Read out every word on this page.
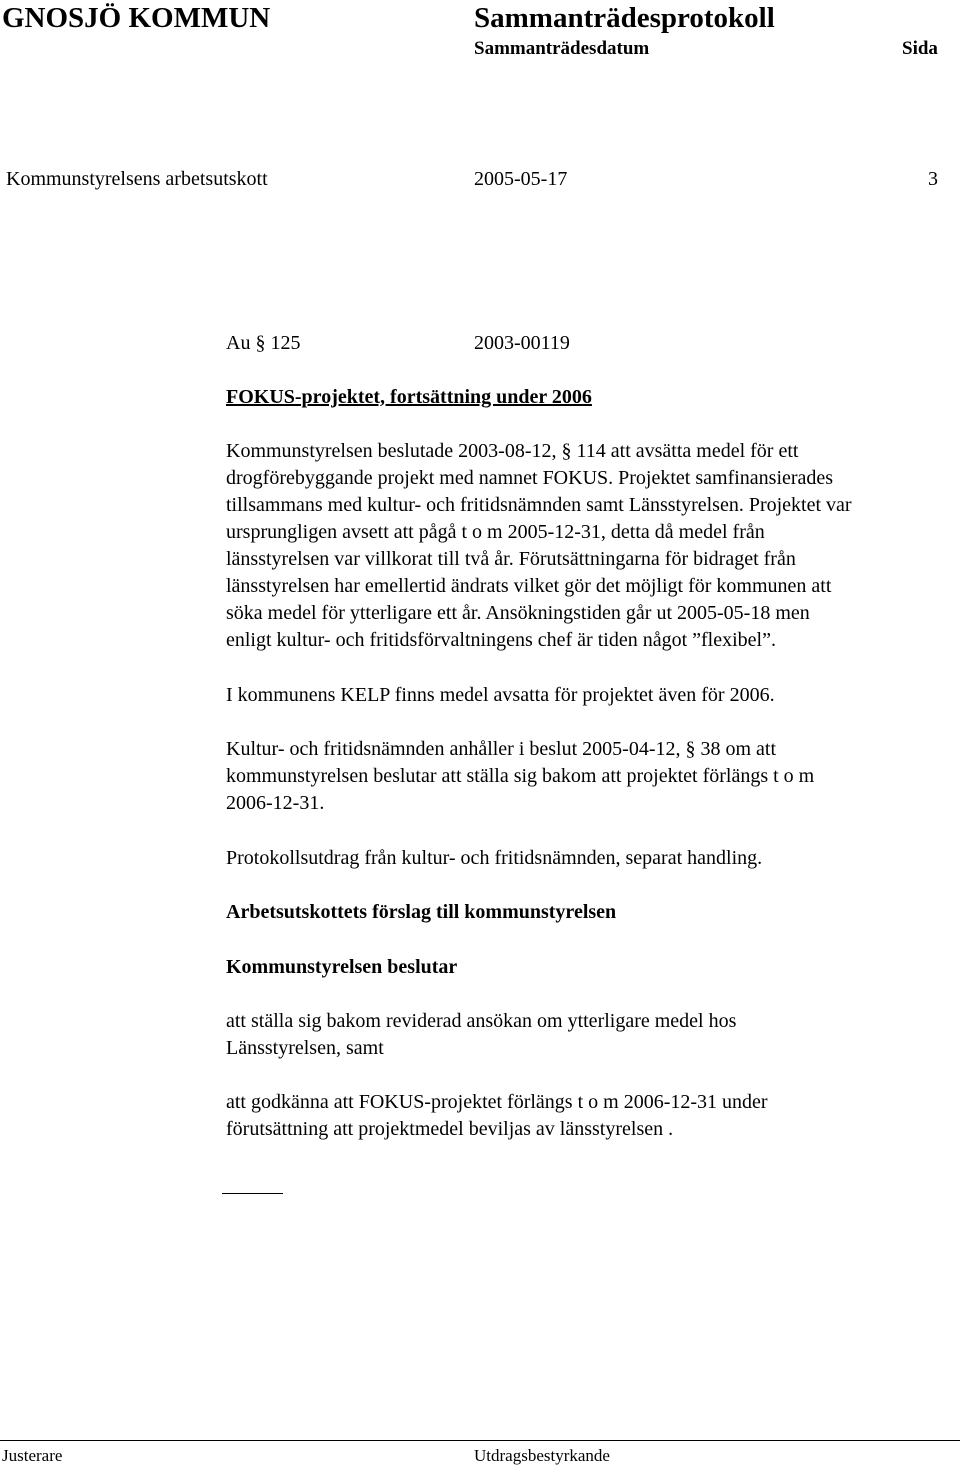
GNOSJÖ KOMMUN	Sammanträdesprotokoll
Sammanträdesdatum	Sida
Kommunstyrelsens arbetsutskott	2005-05-17	3
Au § 125	2003-00119
FOKUS-projektet, fortsättning under 2006

Kommunstyrelsen beslutade 2003-08-12, § 114 att avsätta medel för ett
drogförebyggande projekt med namnet FOKUS. Projektet samfinansierades
tillsammans med kultur- och fritidsnämnden samt Länsstyrelsen. Projektet var
ursprungligen avsett att pågå t o m 2005-12-31, detta då medel från
länsstyrelsen var villkorat till två år. Förutsättningarna för bidraget från
länsstyrelsen har emellertid ändrats vilket gör det möjligt för kommunen att
söka medel för ytterligare ett år. Ansökningstiden går ut 2005-05-18 men
enligt kultur- och fritidsförvaltningens chef är tiden något ”flexibel”.

I kommunens KELP finns medel avsatta för projektet även för 2006.

Kultur- och fritidsnämnden anhåller i beslut 2005-04-12, § 38 om att
kommunstyrelsen beslutar att ställa sig bakom att projektet förlängs t o m
2006-12-31.

Protokollsutdrag från kultur- och fritidsnämnden, separat handling.

Arbetsutskottets förslag till kommunstyrelsen
Kommunstyrelsen beslutar

att ställa sig bakom reviderad ansökan om ytterligare medel hos
Länsstyrelsen, samt

att godkänna att FOKUS-projektet förlängs t o m 2006-12-31 under
förutsättning att projektmedel beviljas av länsstyrelsen .

Justerare	Utdragsbestyrkande
